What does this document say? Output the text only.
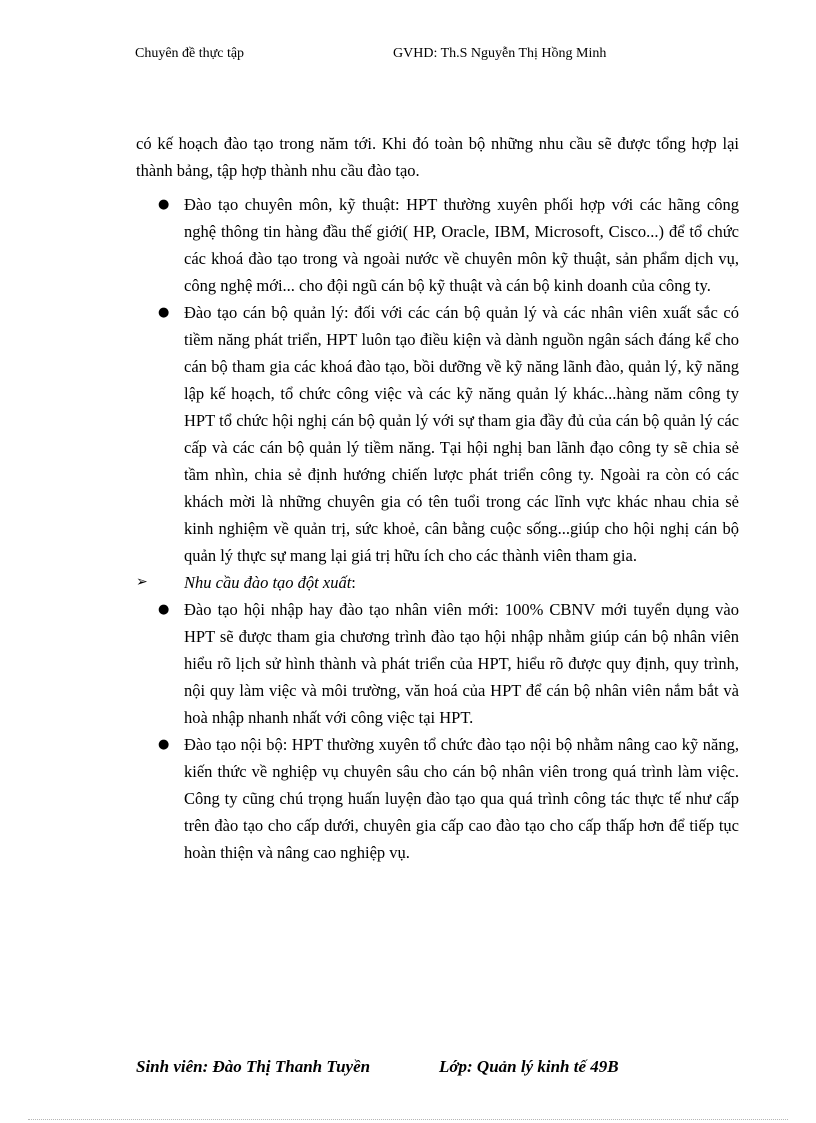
Chuyên đề thực tập	GVHD: Th.S Nguyễn Thị Hồng Minh

có kế hoạch đào tạo trong năm tới. Khi đó toàn bộ những nhu cầu sẽ được tổng hợp lại thành bảng, tập hợp thành nhu cầu đào tạo.

● Đào tạo chuyên môn, kỹ thuật: HPT thường xuyên phối hợp với các hãng công nghệ thông tin hàng đầu thế giới( HP, Oracle, IBM, Microsoft, Cisco...) để tổ chức các khoá đào tạo trong và ngoài nước về chuyên môn kỹ thuật, sản phẩm dịch vụ, công nghệ mới... cho đội ngũ cán bộ kỹ thuật và cán bộ kinh doanh của công ty.
● Đào tạo cán bộ quản lý: đối với các cán bộ quản lý và các nhân viên xuất sắc có tiềm năng phát triển, HPT luôn tạo điều kiện và dành nguồn ngân sách đáng kể cho cán bộ tham gia các khoá đào tạo, bồi dưỡng về kỹ năng lãnh đào, quản lý, kỹ năng lập kế hoạch, tổ chức công việc và các kỹ năng quản lý khác...hàng năm công ty HPT tổ chức hội nghị cán bộ quản lý với sự tham gia đầy đủ của cán bộ quản lý các cấp và các cán bộ quản lý tiềm năng. Tại hội nghị ban lãnh đạo công ty sẽ chia sẻ tầm nhìn, chia sẻ định hướng chiến lược phát triển công ty. Ngoài ra còn có các khách mời là những chuyên gia có tên tuổi trong các lĩnh vực khác nhau chia sẻ kinh nghiệm về quản trị, sức khoẻ, cân bằng cuộc sống...giúp cho hội nghị cán bộ quản lý thực sự mang lại giá trị hữu ích cho các thành viên tham gia.
➢	Nhu cầu đào tạo đột xuất:
● Đào tạo hội nhập hay đào tạo nhân viên mới: 100% CBNV mới tuyển dụng vào HPT sẽ được tham gia chương trình đào tạo hội nhập nhằm giúp cán bộ nhân viên hiểu rõ lịch sử hình thành và phát triển của HPT, hiểu rõ được quy định, quy trình, nội quy làm việc và môi trường, văn hoá của HPT để cán bộ nhân viên nắm bắt và hoà nhập nhanh nhất với công việc tại HPT.
● Đào tạo nội bộ: HPT thường xuyên tổ chức đào tạo nội bộ nhằm nâng cao kỹ năng, kiến thức về nghiệp vụ chuyên sâu cho cán bộ nhân viên trong quá trình làm việc. Công ty cũng chú trọng huấn luyện đào tạo qua quá trình công tác thực tế như cấp trên đào tạo cho cấp dưới, chuyên gia cấp cao đào tạo cho cấp thấp hơn để tiếp tục hoàn thiện và nâng cao nghiệp vụ.
Sinh viên: Đào Thị Thanh Tuyền	Lớp: Quản lý kinh tế 49B
